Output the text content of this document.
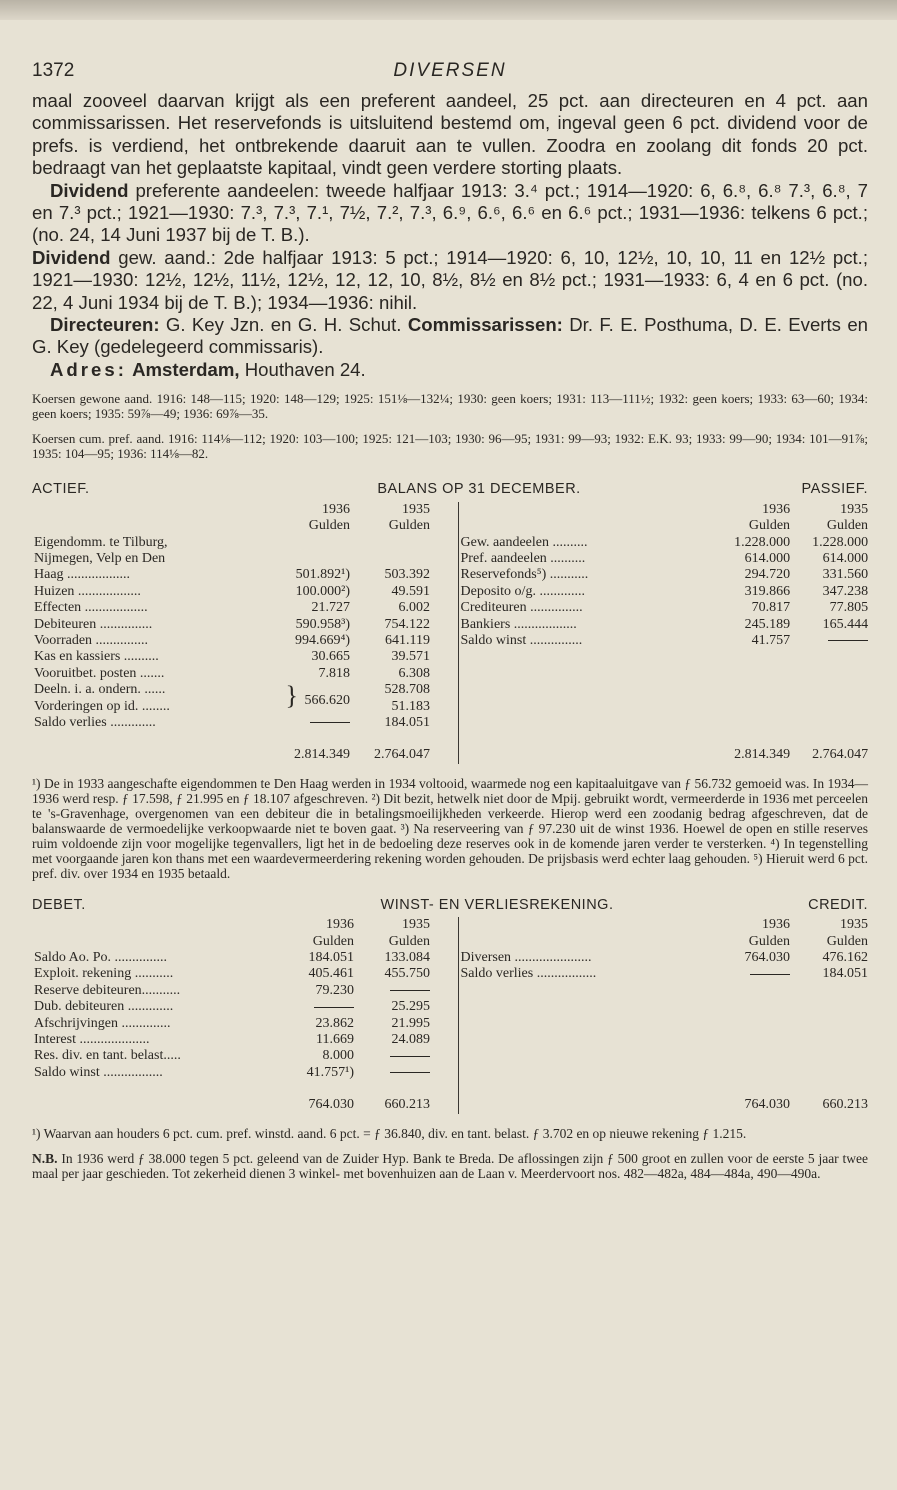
1372	DIVERSEN

maal zooveel daarvan krijgt als een preferent aandeel, 25 pct. aan directeuren en 4 pct. aan commissarissen. Het reservefonds is uitsluitend bestemd om, ingeval geen 6 pct. dividend voor de prefs. is verdiend, het ontbrekende daaruit aan te vullen. Zoodra en zoolang dit fonds 20 pct. bedraagt van het geplaatste kapitaal, vindt geen verdere storting plaats.

Dividend preferente aandeelen: tweede halfjaar 1913: 3.⁴ pct.; 1914—1920: 6, 6.⁸, 6.⁸ 7.³, 6.⁸, 7 en 7.³ pct.; 1921—1930: 7.³, 7.³, 7.¹, 7½, 7.², 7.³, 6.⁹, 6.⁶, 6.⁶ en 6.⁶ pct.; 1931—1936: telkens 6 pct.; (no. 24, 14 Juni 1937 bij de T. B.).

Dividend gew. aand.: 2de halfjaar 1913: 5 pct.; 1914—1920: 6, 10, 12½, 10, 10, 11 en 12½ pct.; 1921—1930: 12½, 12½, 11½, 12½, 12, 12, 10, 8½, 8½ en 8½ pct.; 1931—1933: 6, 4 en 6 pct. (no. 22, 4 Juni 1934 bij de T. B.); 1934—1936: nihil.

Directeuren: G. Key Jzn. en G. H. Schut. Commissarissen: Dr. F. E. Posthuma, D. E. Everts en G. Key (gedelegeerd commissaris).

Adres: Amsterdam, Houthaven 24.

Koersen gewone aand. 1916: 148—115; 1920: 148—129; 1925: 151⅛—132¼; 1930: geen koers; 1931: 113—111½; 1932: geen koers; 1933: 63—60; 1934: geen koers; 1935: 59⅞—49; 1936: 69⅞—35.

Koersen cum. pref. aand. 1916: 114⅛—112; 1920: 103—100; 1925: 121—103; 1930: 96—95; 1931: 99—93; 1932: E.K. 93; 1933: 99—90; 1934: 101—91⅞; 1935: 104—95; 1936: 114⅛—82.

ACTIEF.	BALANS OP 31 DECEMBER.					PASSIEF.
	1936	1935			1936	1935
	Gulden	Gulden			Gulden	Gulden
Eigendomm. te Tilburg,				Gew. aandeelen ..........	1.228.000	1.228.000
Nijmegen, Velp en Den				Pref. aandeelen ..........	614.000	614.000
Haag ..................	501.892¹)	503.392		Reservefonds⁵) ...........	294.720	331.560
Huizen ..................	100.000²)	49.591		Deposito o/g. .............	319.866	347.238
Effecten ..................	21.727	6.002		Crediteuren ...............	70.817	77.805
Debiteuren ...............	590.958³)	754.122		Bankiers ..................	245.189	165.444
Voorraden ...............	994.669⁴)	641.119		Saldo winst ...............	41.757	
Kas en kassiers ..........	30.665	39.571				
Vooruitbet. posten .......	7.818	6.308				
Deeln. i. a. ondern. ......	} 566.620	528.708				
Vorderingen op id. ........		51.183				
Saldo verlies .............		184.051				

	2.814.349	2.764.047			2.814.349	2.764.047
¹) De in 1933 aangeschafte eigendommen te Den Haag werden in 1934 voltooid, waarmede nog een kapitaaluitgave van ƒ 56.732 gemoeid was. In 1934—1936 werd resp. ƒ 17.598, ƒ 21.995 en ƒ 18.107 afgeschreven. ²) Dit bezit, hetwelk niet door de Mpij. gebruikt wordt, vermeerderde in 1936 met perceelen te 's-Gravenhage, overgenomen van een debiteur die in betalingsmoeilijkheden verkeerde. Hierop werd een zoodanig bedrag afgeschreven, dat de balanswaarde de vermoedelijke verkoopwaarde niet te boven gaat. ³) Na reserveering van ƒ 97.230 uit de winst 1936. Hoewel de open en stille reserves ruim voldoende zijn voor mogelijke tegenvallers, ligt het in de bedoeling deze reserves ook in de komende jaren verder te versterken. ⁴) In tegenstelling met voorgaande jaren kon thans met een waardevermeerdering rekening worden gehouden. De prijsbasis werd echter laag gehouden. ⁵) Hieruit werd 6 pct. pref. div. over 1934 en 1935 betaald.
DEBET.	WINST- EN VERLIESREKENING.					CREDIT.
	1936	1935			1936	1935
	Gulden	Gulden			Gulden	Gulden
Saldo Ao. Po. ...............	184.051	133.084		Diversen ......................	764.030	476.162
Exploit. rekening ...........	405.461	455.750		Saldo verlies .................		184.051
Reserve debiteuren...........	79.230					
Dub. debiteuren .............		25.295				
Afschrijvingen ..............	23.862	21.995				
Interest ....................	11.669	24.089				
Res. div. en tant. belast.....	8.000					
Saldo winst .................	41.757¹)					

	764.030	660.213			764.030	660.213
¹) Waarvan aan houders 6 pct. cum. pref. winstd. aand. 6 pct. = ƒ 36.840, div. en tant. belast. ƒ 3.702 en op nieuwe rekening ƒ 1.215.
N.B. In 1936 werd ƒ 38.000 tegen 5 pct. geleend van de Zuider Hyp. Bank te Breda. De aflossingen zijn ƒ 500 groot en zullen voor de eerste 5 jaar twee maal per jaar geschieden. Tot zekerheid dienen 3 winkel- met bovenhuizen aan de Laan v. Meerdervoort nos. 482—482a, 484—484a, 490—490a.
